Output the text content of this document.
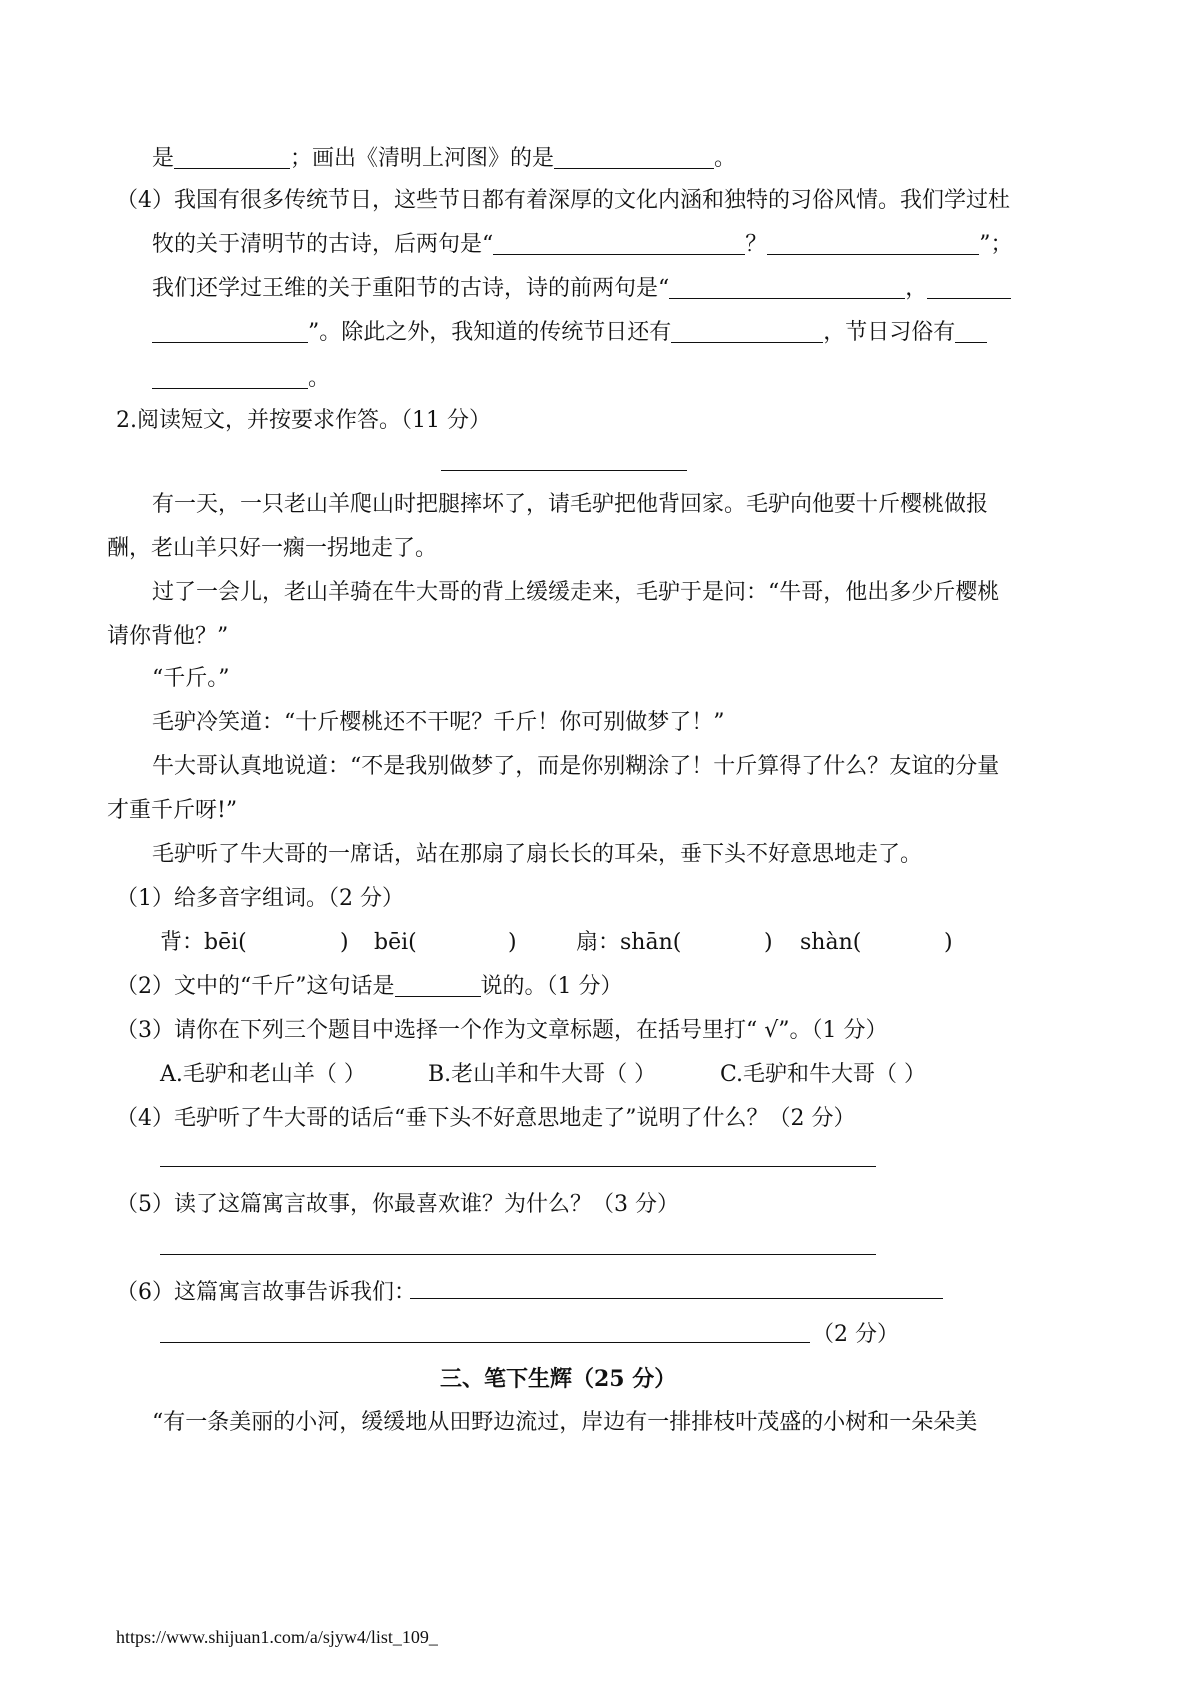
是	；画出《清明上河图》的是	。
（4）我国有很多传统节日，这些节日都有着深厚的文化内涵和独特的习俗风情。我们学过杜
牧的关于清明节的古诗，后两句是“	？	”；
我们还学过王维的关于重阳节的古诗，诗的前两句是“	，
”。除此之外，我知道的传统节日还有	，节日习俗有
。
2.阅读短文，并按要求作答。（11 分）
有一天，一只老山羊爬山时把腿摔坏了，请毛驴把他背回家。毛驴向他要十斤樱桃做报
酬，老山羊只好一瘸一拐地走了。
过了一会儿，老山羊骑在牛大哥的背上缓缓走来，毛驴于是问：“牛哥，他出多少斤樱桃
请你背他？”
“千斤。”
毛驴冷笑道：“十斤樱桃还不干呢？千斤！你可别做梦了！”
牛大哥认真地说道：“不是我别做梦了，而是你别糊涂了！十斤算得了什么？友谊的分量
才重千斤呀!”
毛驴听了牛大哥的一席话，站在那扇了扇长长的耳朵，垂下头不好意思地走了。
（1）给多音字组词。（2 分）
背：bēi(	) bēi(	)	扇：shān(	) shàn(	)
（2）文中的“千斤”这句话是	说的。（1 分）
（3）请你在下列三个题目中选择一个作为文章标题，在括号里打“ √”。（1 分）
A.毛驴和老山羊（ ）	B.老山羊和牛大哥（ ）	C.毛驴和牛大哥（ ）
（4）毛驴听了牛大哥的话后“垂下头不好意思地走了”说明了什么？（2 分）
（5）读了这篇寓言故事，你最喜欢谁？为什么？（3 分）
（6）这篇寓言故事告诉我们：
（2 分）
三、笔下生辉（25 分）
“有一条美丽的小河，缓缓地从田野边流过，岸边有一排排枝叶茂盛的小树和一朵朵美
https://www.shijuan1.com/a/sjyw4/list_109_
